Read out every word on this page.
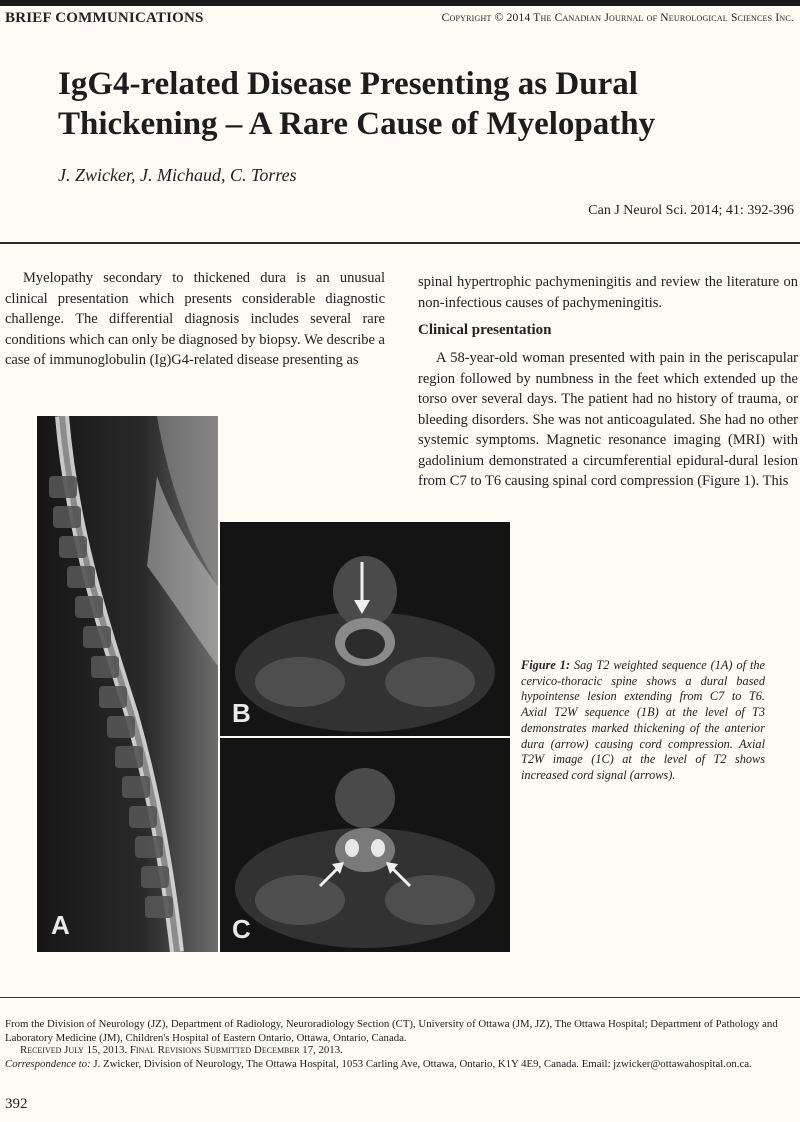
BRIEF COMMUNICATIONS	Copyright © 2014 The Canadian Journal of Neurological Sciences Inc.
IgG4-related Disease Presenting as Dural Thickening – A Rare Cause of Myelopathy
J. Zwicker, J. Michaud, C. Torres
Can J Neurol Sci. 2014; 41: 392-396

Myelopathy secondary to thickened dura is an unusual clinical presentation which presents considerable diagnostic challenge. The differential diagnosis includes several rare conditions which can only be diagnosed by biopsy. We describe a case of immunoglobulin (Ig)G4-related disease presenting as

spinal hypertrophic pachymeningitis and review the literature on non-infectious causes of pachymeningitis.

Clinical presentation

A 58-year-old woman presented with pain in the periscapular region followed by numbness in the feet which extended up the torso over several days. The patient had no history of trauma, or bleeding disorders. She was not anticoagulated. She had no other systemic symptoms. Magnetic resonance imaging (MRI) with gadolinium demonstrated a circumferential epidural-dural lesion from C7 to T6 causing spinal cord compression (Figure 1). This

A
B
C
Figure 1: Sag T2 weighted sequence (1A) of the cervico-thoracic spine shows a dural based hypointense lesion extending from C7 to T6. Axial T2W sequence (1B) at the level of T3 demonstrates marked thickening of the anterior dura (arrow) causing cord compression. Axial T2W image (1C) at the level of T2 shows increased cord signal (arrows).
From the Division of Neurology (JZ), Department of Radiology, Neuroradiology Section (CT), University of Ottawa (JM, JZ), The Ottawa Hospital; Department of Pathology and Laboratory Medicine (JM), Children's Hospital of Eastern Ontario, Ottawa, Ontario, Canada.
Received July 15, 2013. Final Revisions Submitted December 17, 2013.
Correspondence to: J. Zwicker, Division of Neurology, The Ottawa Hospital, 1053 Carling Ave, Ottawa, Ontario, K1Y 4E9, Canada. Email: jzwicker@ottawahospital.on.ca.
392
